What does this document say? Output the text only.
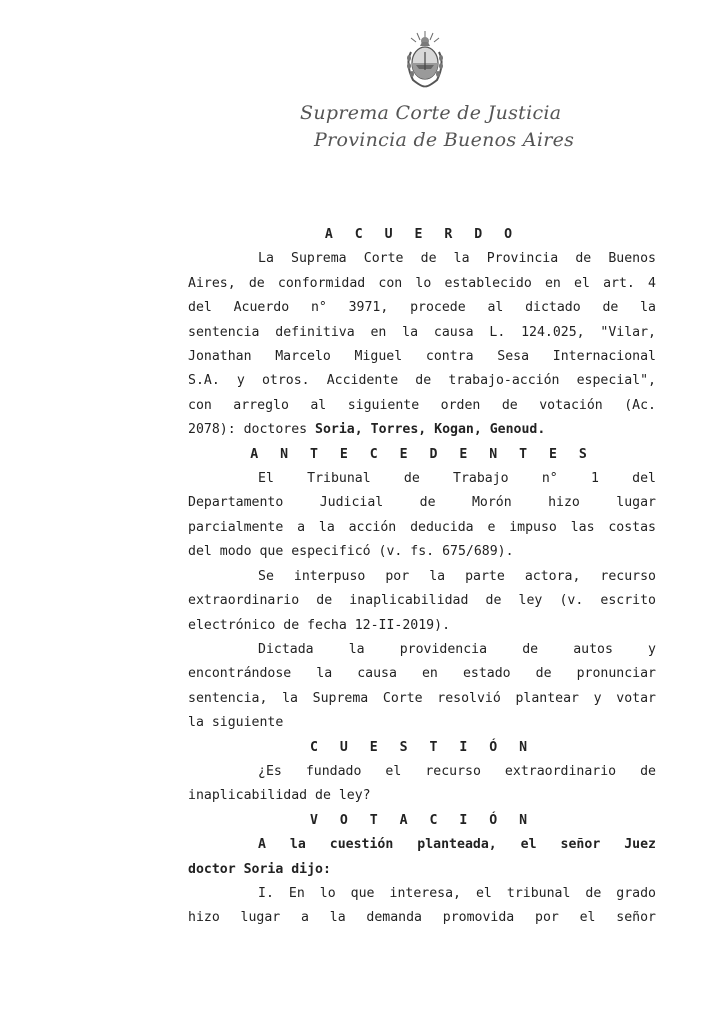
Suprema Corte de Justicia
Provincia de Buenos Aires
A C U E R D O
La Suprema Corte de la Provincia de Buenos
Aires, de conformidad con lo establecido en el art. 4
del Acuerdo n° 3971, procede al dictado de la
sentencia definitiva en la causa L. 124.025, "Vilar,
Jonathan Marcelo Miguel contra Sesa Internacional
S.A. y otros. Accidente de trabajo-acción especial",
con arreglo al siguiente orden de votación (Ac.
2078): doctores Soria, Torres, Kogan, Genoud.
A N T E C E D E N T E S
El Tribunal de Trabajo n° 1 del
Departamento Judicial de Morón hizo lugar
parcialmente a la acción deducida e impuso las costas
del modo que especificó (v. fs. 675/689).
Se interpuso por la parte actora, recurso
extraordinario de inaplicabilidad de ley (v. escrito
electrónico de fecha 12-II-2019).
Dictada la providencia de autos y
encontrándose la causa en estado de pronunciar
sentencia, la Suprema Corte resolvió plantear y votar
la siguiente
C U E S T I Ó N
¿Es fundado el recurso extraordinario de
inaplicabilidad de ley?
V O T A C I Ó N
A la cuestión planteada, el señor Juez
doctor Soria dijo:
I. En lo que interesa, el tribunal de grado
hizo lugar a la demanda promovida por el señor
